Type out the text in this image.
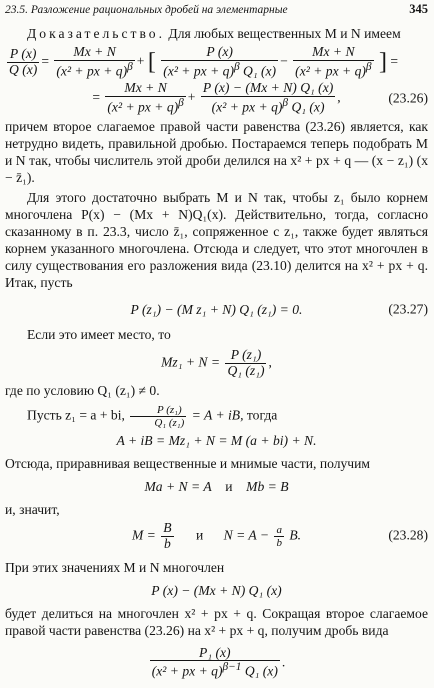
23.5. Разложение рациональных дробей на элементарные	345

Доказательство. Для любых вещественных M и N имеем

$\frac{P (x)}{Q (x)} = \frac{Mx + N}{(x^2 + px + q)^\beta}$ + [ $\frac{P (x)}{(x^2 + px + q)^\beta Q_1 (x)} - \frac{Mx + N}{(x^2 + px + q)^\beta}$ ] =
= $\frac{Mx + N}{(x^2 + px + q)^\beta} + \frac{\text{P (x) − (Mx + N) Q₁ (x)}}{(x^2 + px + q)^\beta Q_1 (x)}$ ,	(23.26)

причем второе слагаемое правой части равенства (23.26) является, как нетрудно видеть, правильной дробью. Постараемся теперь подобрать M и N так, чтобы числитель этой дроби делился на x² + px + q — (x − z₁) (x − z̄₁).

Для этого достаточно выбрать M и N так, чтобы z₁ было корнем многочлена P(x) − (Mx + N)Q₁(x). Действительно, тогда, согласно сказанному в п. 23.3, число z̄₁, сопряженное с z₁, также будет являться корнем указанного многочлена. Отсюда и следует, что этот многочлен в силу существования его разложения вида (23.10) делится на x² + px + q. Итак, пусть

P (z₁) − (M z₁ + N) Q₁ (z₁) = 0.	(23.27)

Если это имеет место, то

$Mz_1 + N = \frac{\text{P (z₁)}}{\text{Q₁ (z₁)}}$ ,

где по условию Q₁ (z₁) ≠ 0.

Пусть z₁ = a + bi, $\frac{\text{P (z₁)}}{\text{Q₁ (z₁)}} = A$ + iB, тогда

A + iB = Mz₁ + N = M (a + bi) + N.

Отсюда, приравнивая вещественные и мнимые части, получим

Ma + N = A и Mb = B

и, значит,

$M = \frac{B}{b}$ и      $N = A - \frac{a}{b} B$.	(23.28)

При этих значениях M и N многочлен

P (x) − (Mx + N) Q₁ (x)

будет делиться на многочлен x² + px + q. Сокращая второе слагаемое правой части равенства (23.26) на x² + px + q, получим дробь вида

$\frac{\text{P₁ (x)}}{(x^2 + px + q)^{\beta-1} Q_1 (x)}$ .
